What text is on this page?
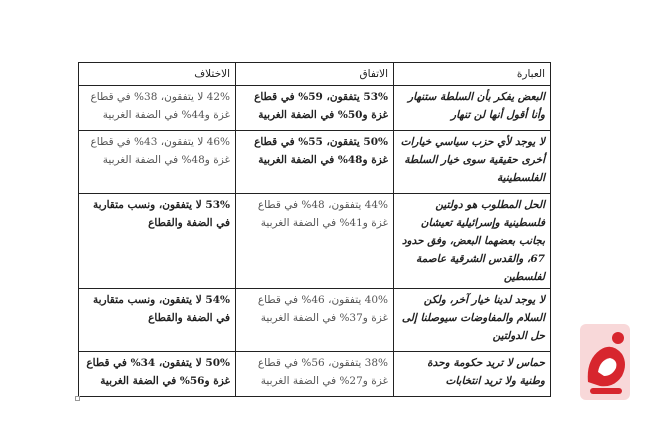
العبارة	الاتفاق	الاختلاف
البعض يفكر بأن السلطة ستنهار وأنا أقول أنها لن تنهار	53% يتفقون، 59% في قطاع غزة و50% في الضفة الغربية	42% لا يتفقون، 38% في قطاع غزة و44% في الضفة الغربية
لا يوجد لأي حزب سياسي خيارات أخرى حقيقية سوى خيار السلطة الفلسطينية	50% يتفقون، 55% في قطاع غزة و48% في الضفة الغربية	46% لا يتفقون، 43% في قطاع غزة و48% في الضفة الغربية
الحل المطلوب هو دولتين فلسطينية وإسرائيلية تعيشان بجانب بعضهما البعض، وفق حدود 67، والقدس الشرقية عاصمة لفلسطين	44% يتفقون، 48% في قطاع غزة و41% في الضفة الغربية	53% لا يتفقون، ونسب متقاربة في الضفة والقطاع
لا يوجد لدينا خيار آخر، ولكن السلام والمفاوضات سيوصلنا إلى حل الدولتين	40% يتفقون، 46% في قطاع غزة و37% في الضفة الغربية	54% لا يتفقون، ونسب متقاربة في الضفة والقطاع
حماس لا تريد حكومة وحدة وطنية ولا تريد انتخابات	38% يتفقون، 56% في قطاع غزة و27% في الضفة الغربية	50% لا يتفقون، 34% في قطاع غزة و56% في الضفة الغربية
